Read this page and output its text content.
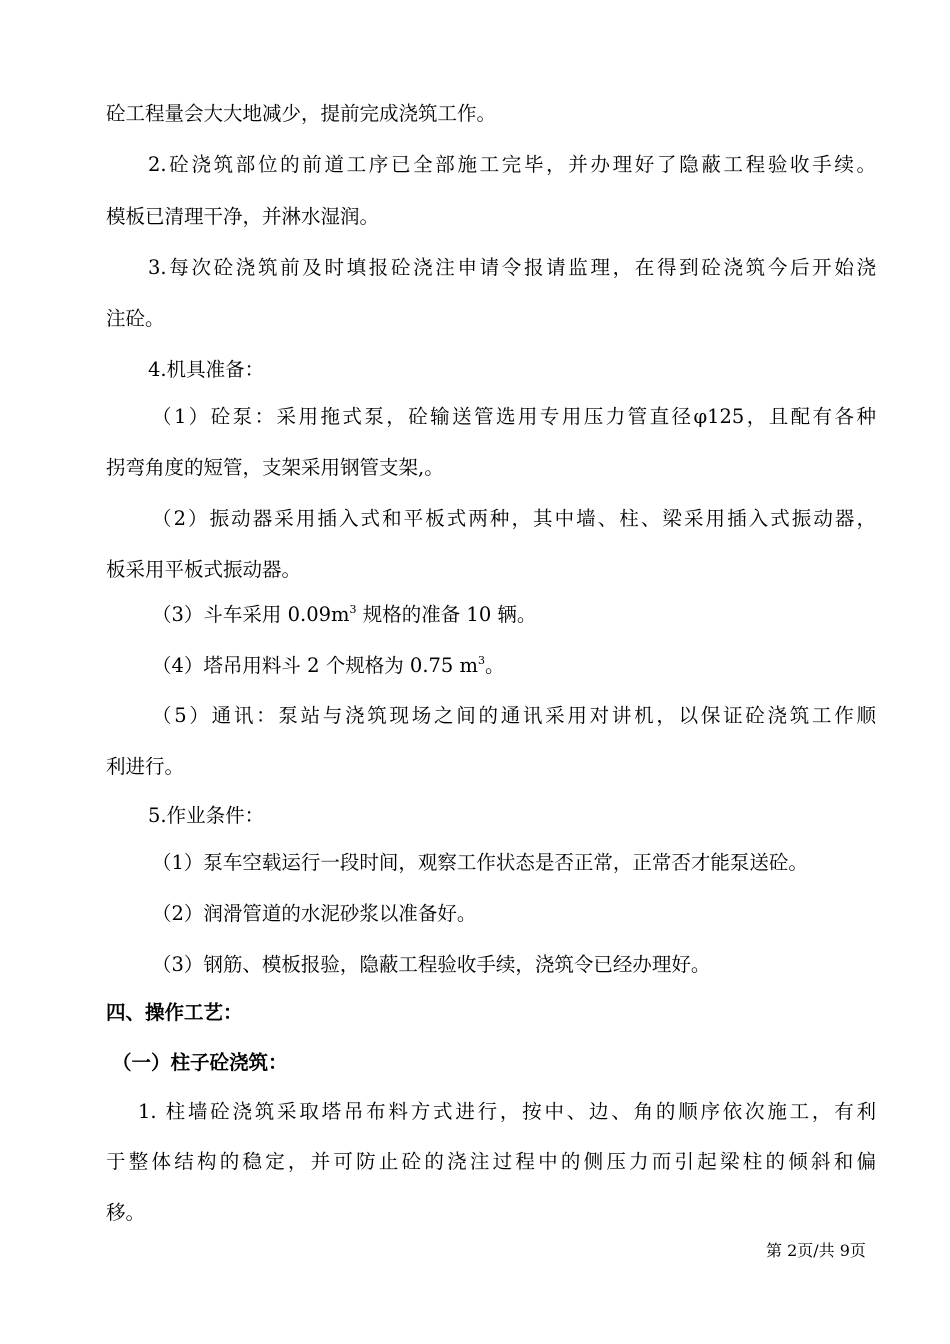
砼工程量会大大地减少，提前完成浇筑工作。
2.砼浇筑部位的前道工序已全部施工完毕，并办理好了隐蔽工程验收手续。
模板已清理干净，并淋水湿润。
3.每次砼浇筑前及时填报砼浇注申请令报请监理，在得到砼浇筑今后开始浇
注砼。
4.机具准备：
（1）砼泵：采用拖式泵，砼输送管选用专用压力管直径φ125，且配有各种
拐弯角度的短管，支架采用钢管支架,。
（2）振动器采用插入式和平板式两种，其中墙、柱、梁采用插入式振动器，
板采用平板式振动器。
（3）斗车采用 $0.09m^3$ 规格的准备 10 辆。
（4）塔吊用料斗 2 个规格为 0.75 $m^3$。
（5）通讯：泵站与浇筑现场之间的通讯采用对讲机，以保证砼浇筑工作顺
利进行。
5.作业条件：
（1）泵车空载运行一段时间，观察工作状态是否正常，正常否才能泵送砼。
（2）润滑管道的水泥砂浆以准备好。
（3）钢筋、模板报验，隐蔽工程验收手续，浇筑令已经办理好。
四、操作工艺：
（一）柱子砼浇筑：
1. 柱墙砼浇筑采取塔吊布料方式进行，按中、边、角的顺序依次施工，有利
于整体结构的稳定，并可防止砼的浇注过程中的侧压力而引起梁柱的倾斜和偏
移。
第 2页/共 9页
